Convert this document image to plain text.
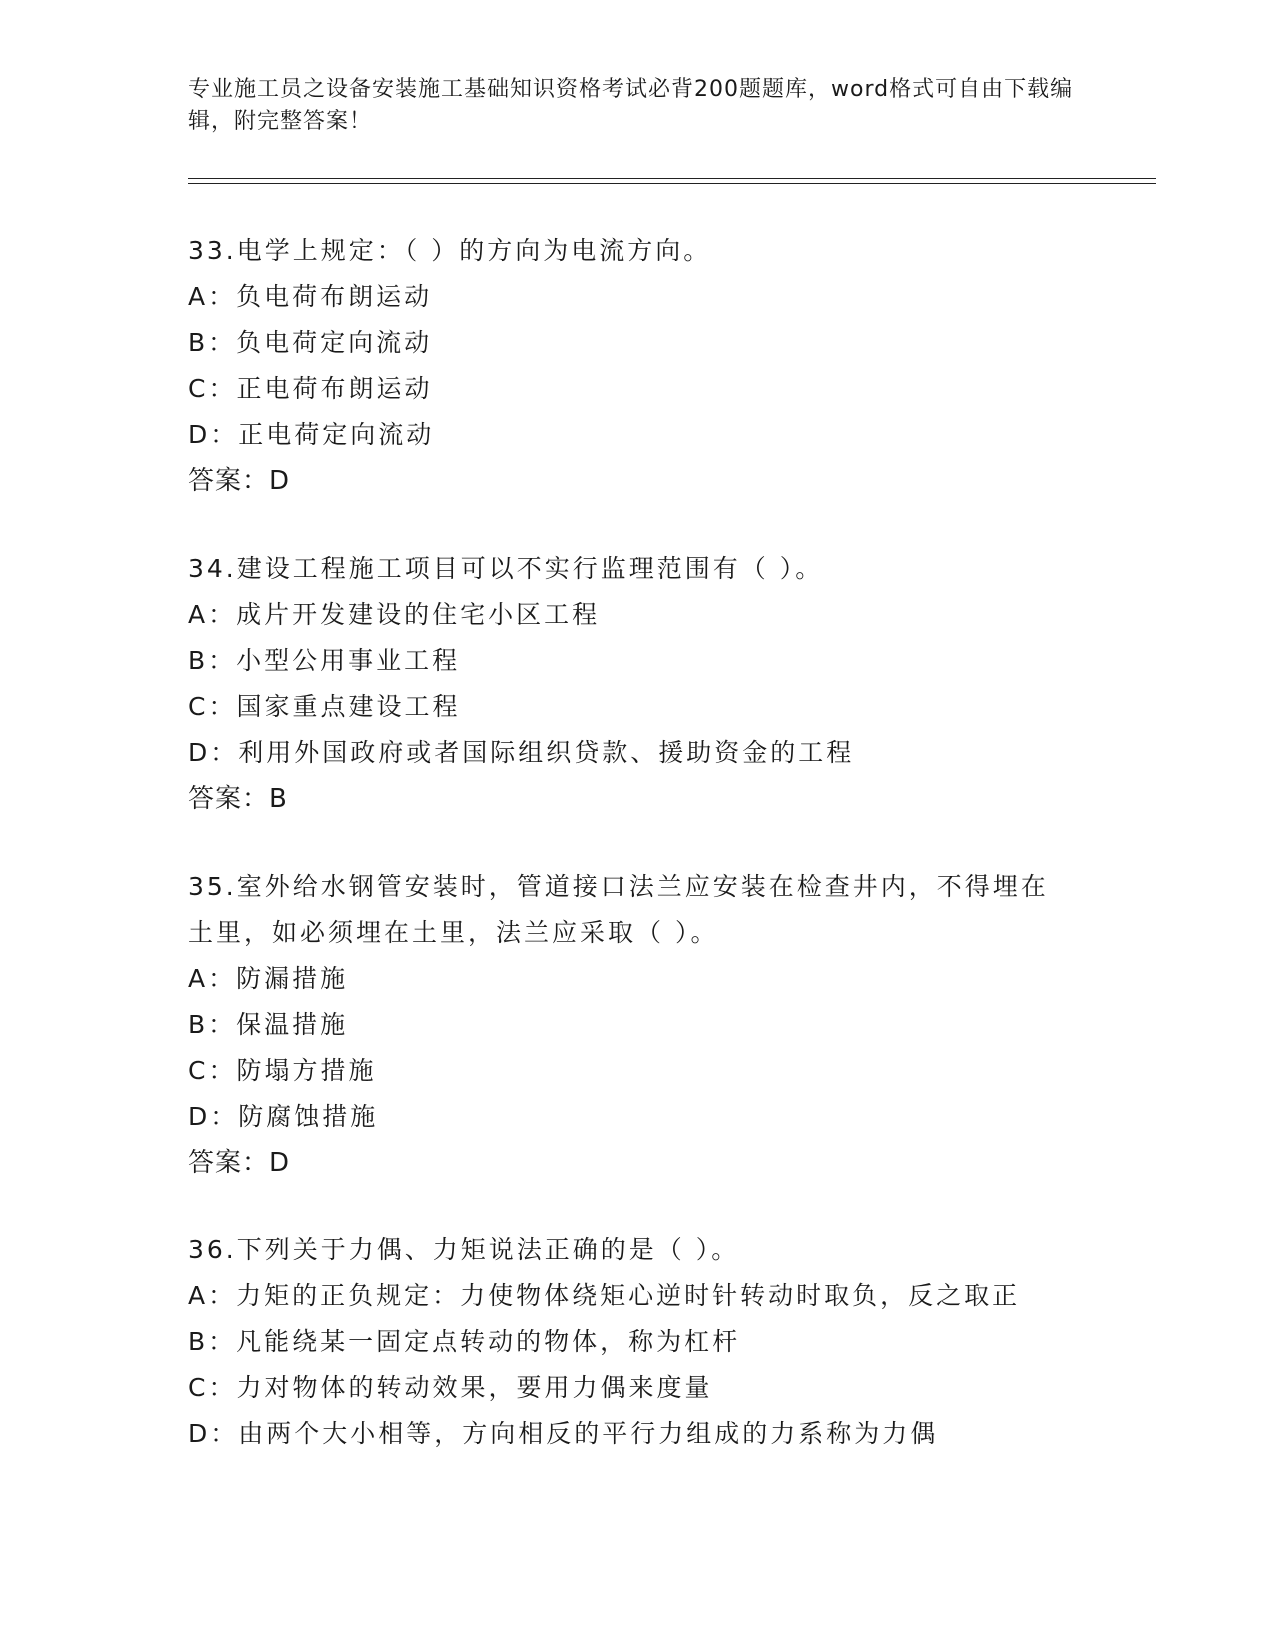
专业施工员之设备安装施工基础知识资格考试必背200题题库，word格式可自由下载编辑，附完整答案！
33.电学上规定：（ ）的方向为电流方向。
A：负电荷布朗运动
B：负电荷定向流动
C：正电荷布朗运动
D：正电荷定向流动
答案：D
34.建设工程施工项目可以不实行监理范围有（ ）。
A：成片开发建设的住宅小区工程
B：小型公用事业工程
C：国家重点建设工程
D：利用外国政府或者国际组织贷款、援助资金的工程
答案：B
35.室外给水钢管安装时，管道接口法兰应安装在检查井内，不得埋在土里，如必须埋在土里，法兰应采取（ ）。
A：防漏措施
B：保温措施
C：防塌方措施
D：防腐蚀措施
答案：D
36.下列关于力偶、力矩说法正确的是（ ）。
A：力矩的正负规定：力使物体绕矩心逆时针转动时取负，反之取正
B：凡能绕某一固定点转动的物体，称为杠杆
C：力对物体的转动效果，要用力偶来度量
D：由两个大小相等，方向相反的平行力组成的力系称为力偶
